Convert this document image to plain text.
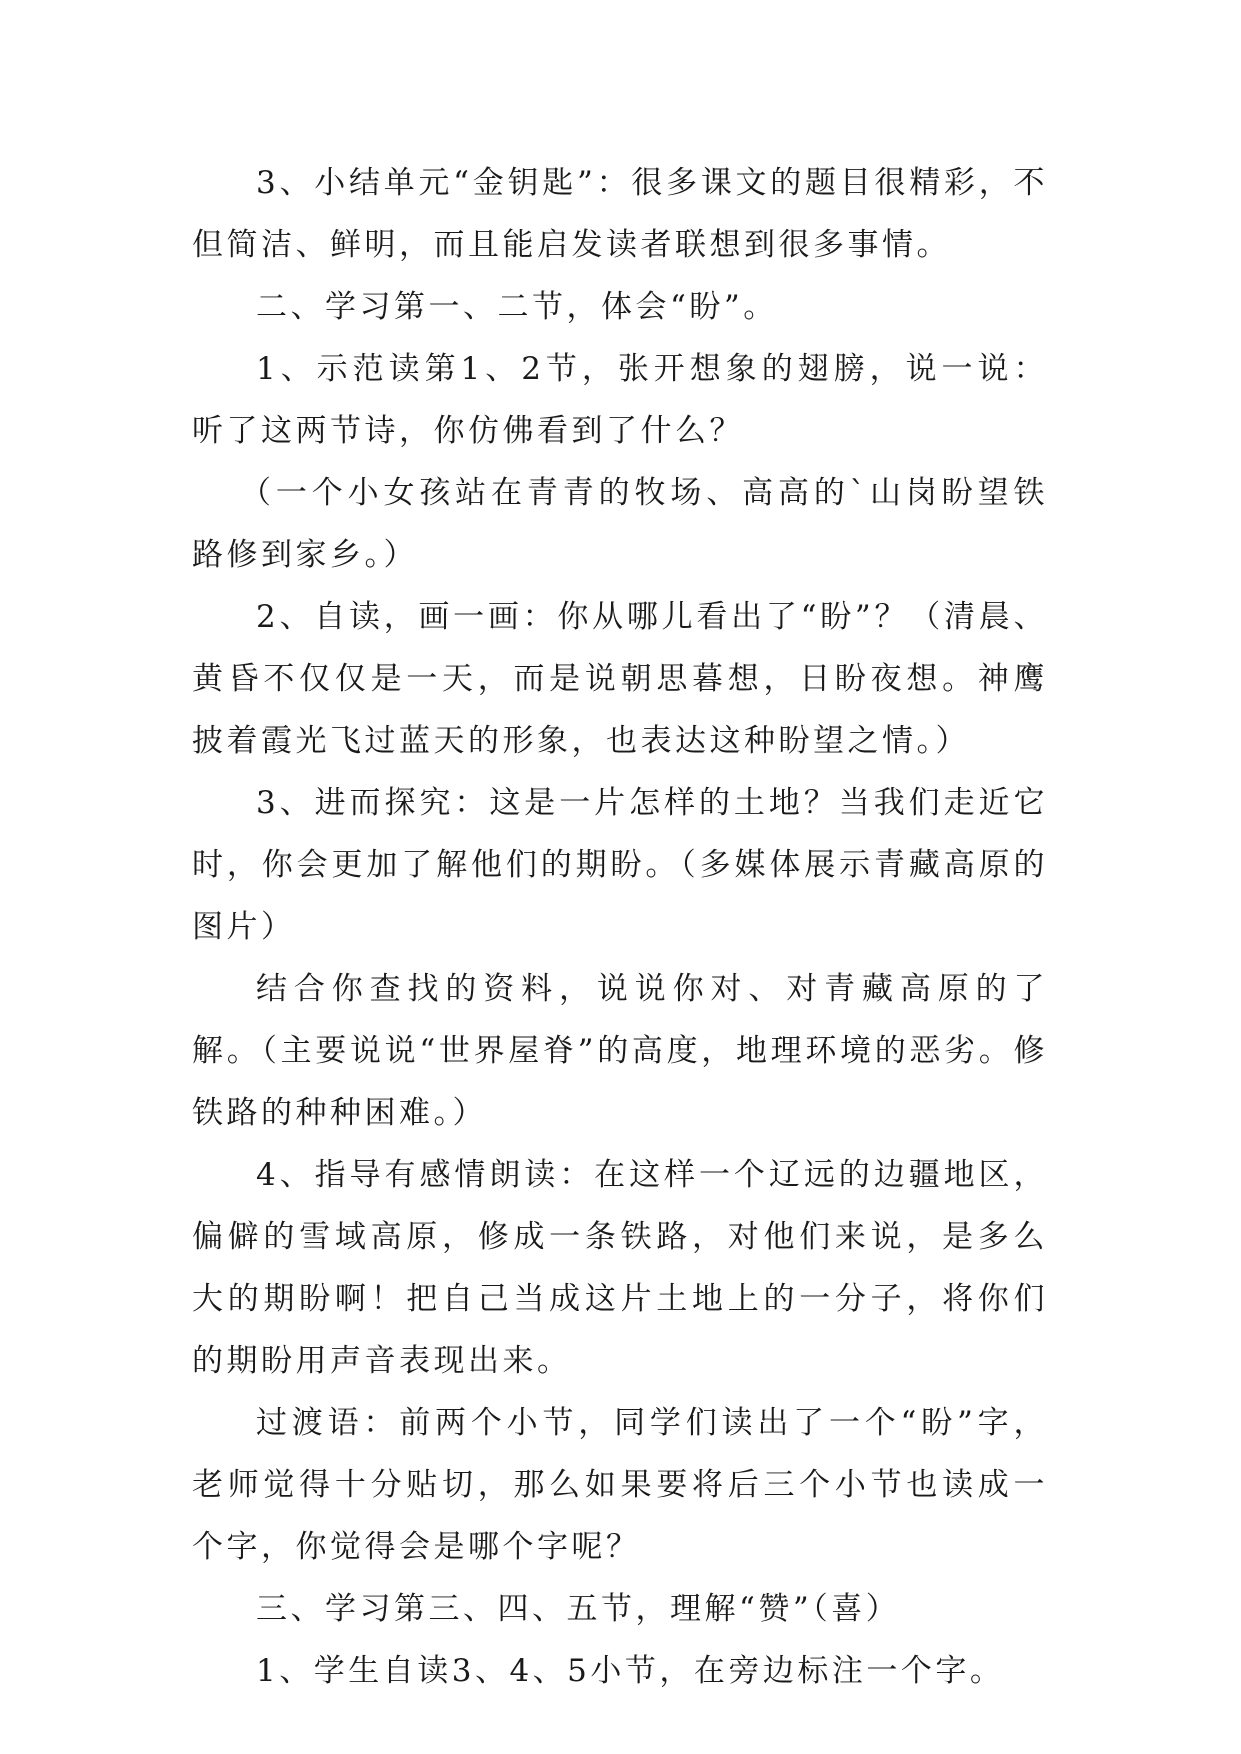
3、小结单元“金钥匙”：很多课文的题目很精彩，不但简洁、鲜明，而且能启发读者联想到很多事情。

二、学习第一、二节，体会“盼”。

1、示范读第1、2节，张开想象的翅膀，说一说：听了这两节诗，你仿佛看到了什么？

（一个小女孩站在青青的牧场、高高的`山岗盼望铁路修到家乡。）

2、自读，画一画：你从哪儿看出了“盼”？（清晨、黄昏不仅仅是一天，而是说朝思暮想，日盼夜想。神鹰披着霞光飞过蓝天的形象，也表达这种盼望之情。）

3、进而探究：这是一片怎样的土地？当我们走近它时，你会更加了解他们的期盼。（多媒体展示青藏高原的图片）

结合你查找的资料，说说你对、对青藏高原的了解。（主要说说“世界屋脊”的高度，地理环境的恶劣。修铁路的种种困难。）

4、指导有感情朗读：在这样一个辽远的边疆地区，偏僻的雪域高原，修成一条铁路，对他们来说，是多么大的期盼啊！把自己当成这片土地上的一分子，将你们的期盼用声音表现出来。

过渡语：前两个小节，同学们读出了一个“盼”字，老师觉得十分贴切，那么如果要将后三个小节也读成一个字，你觉得会是哪个字呢？

三、学习第三、四、五节，理解“赞”（喜）

1、学生自读3、4、5小节，在旁边标注一个字。
